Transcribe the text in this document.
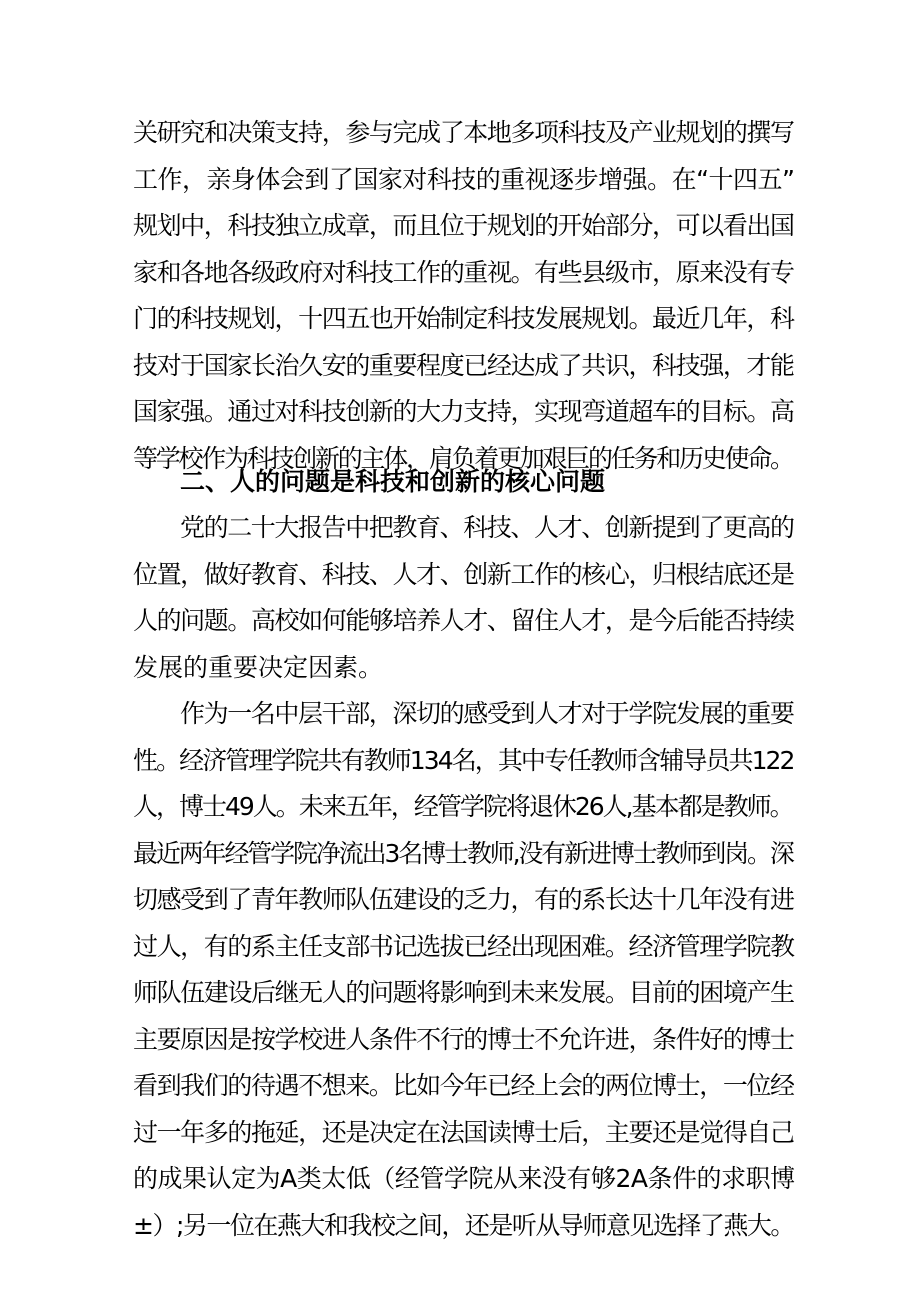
关研究和决策支持，参与完成了本地多项科技及产业规划的撰写
工作，亲身体会到了国家对科技的重视逐步增强。在“十四五”
规划中，科技独立成章，而且位于规划的开始部分，可以看出国
家和各地各级政府对科技工作的重视。有些县级市，原来没有专
门的科技规划，十四五也开始制定科技发展规划。最近几年，科
技对于国家长治久安的重要程度已经达成了共识，科技强，才能
国家强。通过对科技创新的大力支持，实现弯道超车的目标。高
等学校作为科技创新的主体，肩负着更加艰巨的任务和历史使命。
二、人的问题是科技和创新的核心问题
党的二十大报告中把教育、科技、人才、创新提到了更高的
位置，做好教育、科技、人才、创新工作的核心，归根结底还是
人的问题。高校如何能够培养人才、留住人才，是今后能否持续
发展的重要决定因素。
作为一名中层干部，深切的感受到人才对于学院发展的重要
性。经济管理学院共有教师134名，其中专任教师含辅导员共122
人，博士49人。未来五年，经管学院将退休26人,基本都是教师。
最近两年经管学院净流出3名博士教师,没有新进博士教师到岗。深
切感受到了青年教师队伍建设的乏力，有的系长达十几年没有进
过人，有的系主任支部书记选拔已经出现困难。经济管理学院教
师队伍建设后继无人的问题将影响到未来发展。目前的困境产生
主要原因是按学校进人条件不行的博士不允许进，条件好的博士
看到我们的待遇不想来。比如今年已经上会的两位博士，一位经
过一年多的拖延，还是决定在法国读博士后，主要还是觉得自己
的成果认定为A类太低（经管学院从来没有够2A条件的求职博
±）;另一位在燕大和我校之间，还是听从导师意见选择了燕大。
